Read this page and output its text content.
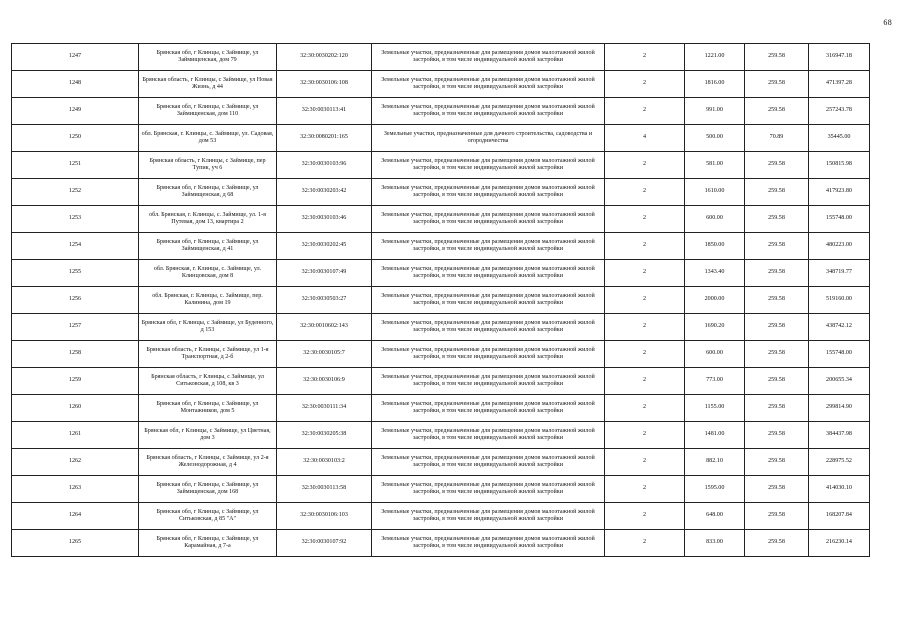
68
1247	Брянская обл, г Клинцы, с Займище, ул Займищенская, дом 79	32:30:0030202:120	Земельные участки, предназначенные для размещения домов малоэтажной жилой застройки, в том числе индивидуальной жилой застройки	2	1221.00	259.58	316947.18
1248	Брянская область, г Клинцы, с Займище, ул Новая Жизнь, д 44	32:30:0030106:108	Земельные участки, предназначенные для размещения домов малоэтажной жилой застройки, в том числе индивидуальной жилой застройки	2	1816.00	259.58	471397.28
1249	Брянская обл, г Клинцы, с Займище, ул Займищенская, дом 110	32:30:0030113:41	Земельные участки, предназначенные для размещения домов малоэтажной жилой застройки, в том числе индивидуальной жилой застройки	2	991.00	259.58	257243.78
1250	обл. Брянская, г. Клинцы, с. Займище, ул. Садовая, дом 53	32:30:0080201:165	Земельные участки, предназначенные для дачного строительства, садоводства и огородничества	4	500.00	70.89	35445.00
1251	Брянская область, г Клинцы, с Займище, пер Тупик, уч 6	32:30:0030103:96	Земельные участки, предназначенные для размещения домов малоэтажной жилой застройки, в том числе индивидуальной жилой застройки	2	581.00	259.58	150815.98
1252	Брянская обл, г Клинцы, с Займище, ул Займищенская, д 68	32:30:0030203:42	Земельные участки, предназначенные для размещения домов малоэтажной жилой застройки, в том числе индивидуальной жилой застройки	2	1610.00	259.58	417923.80
1253	обл. Брянская, г. Клинцы, с. Займище, ул. 1-я Путевая, дом 13, квартира 2	32:30:0030103:46	Земельные участки, предназначенные для размещения домов малоэтажной жилой застройки, в том числе индивидуальной жилой застройки	2	600.00	259.58	155748.00
1254	Брянская обл, г Клинцы, с Займище, ул Займищенская, д 41	32:30:0030202:45	Земельные участки, предназначенные для размещения домов малоэтажной жилой застройки, в том числе индивидуальной жилой застройки	2	1850.00	259.58	480223.00
1255	обл. Брянская, г. Клинцы, с. Займище, ул. Клинцовская, дом 8	32:30:0030107:49	Земельные участки, предназначенные для размещения домов малоэтажной жилой застройки, в том числе индивидуальной жилой застройки	2	1343.40	259.58	348719.77
1256	обл. Брянская, г. Клинцы, с. Займище, пер. Калинина, дом 19	32:30:0030503:27	Земельные участки, предназначенные для размещения домов малоэтажной жилой застройки, в том числе индивидуальной жилой застройки	2	2000.00	259.58	519160.00
1257	Брянская обл, г Клинцы, с Займище, ул Буденного, д 153	32:30:0010602:143	Земельные участки, предназначенные для размещения домов малоэтажной жилой застройки, в том числе индивидуальной жилой застройки	2	1690.20	259.58	438742.12
1258	Брянская область, г Клинцы, с Займище, ул 1-я Транспортная, д 2-б	32:30:0030105:7	Земельные участки, предназначенные для размещения домов малоэтажной жилой застройки, в том числе индивидуальной жилой застройки	2	600.00	259.58	155748.00
1259	Брянская область, г Клинцы, с Займище, ул Ситьковская, д 108, кв 3	32:30:0030106:9	Земельные участки, предназначенные для размещения домов малоэтажной жилой застройки, в том числе индивидуальной жилой застройки	2	773.00	259.58	200655.34
1260	Брянская обл, г Клинцы, с Займище, ул Монтажников, дом 5	32:30:0030111:34	Земельные участки, предназначенные для размещения домов малоэтажной жилой застройки, в том числе индивидуальной жилой застройки	2	1155.00	259.58	299814.90
1261	Брянская обл, г Клинцы, с Займище, ул Цветная, дом 3	32:30:0030205:38	Земельные участки, предназначенные для размещения домов малоэтажной жилой застройки, в том числе индивидуальной жилой застройки	2	1481.00	259.58	384437.98
1262	Брянская область, г Клинцы, с Займище, ул 2-я Железнодорожная, д 4	32:30:0030103:2	Земельные участки, предназначенные для размещения домов малоэтажной жилой застройки, в том числе индивидуальной жилой застройки	2	882.10	259.58	228975.52
1263	Брянская обл, г Клинцы, с Займище, ул Займищенская, дом 168	32:30:0030113:58	Земельные участки, предназначенные для размещения домов малоэтажной жилой застройки, в том числе индивидуальной жилой застройки	2	1595.00	259.58	414030.10
1264	Брянская обл, г Клинцы, с Займище, ул Ситьковская, д 85 "А"	32:30:0030106:103	Земельные участки, предназначенные для размещения домов малоэтажной жилой застройки, в том числе индивидуальной жилой застройки	2	648.00	259.58	168207.84
1265	Брянская обл, г Клинцы, с Займище, ул Карамайная, д 7-а	32:30:0030107:92	Земельные участки, предназначенные для размещения домов малоэтажной жилой застройки, в том числе индивидуальной жилой застройки	2	833.00	259.58	216230.14
